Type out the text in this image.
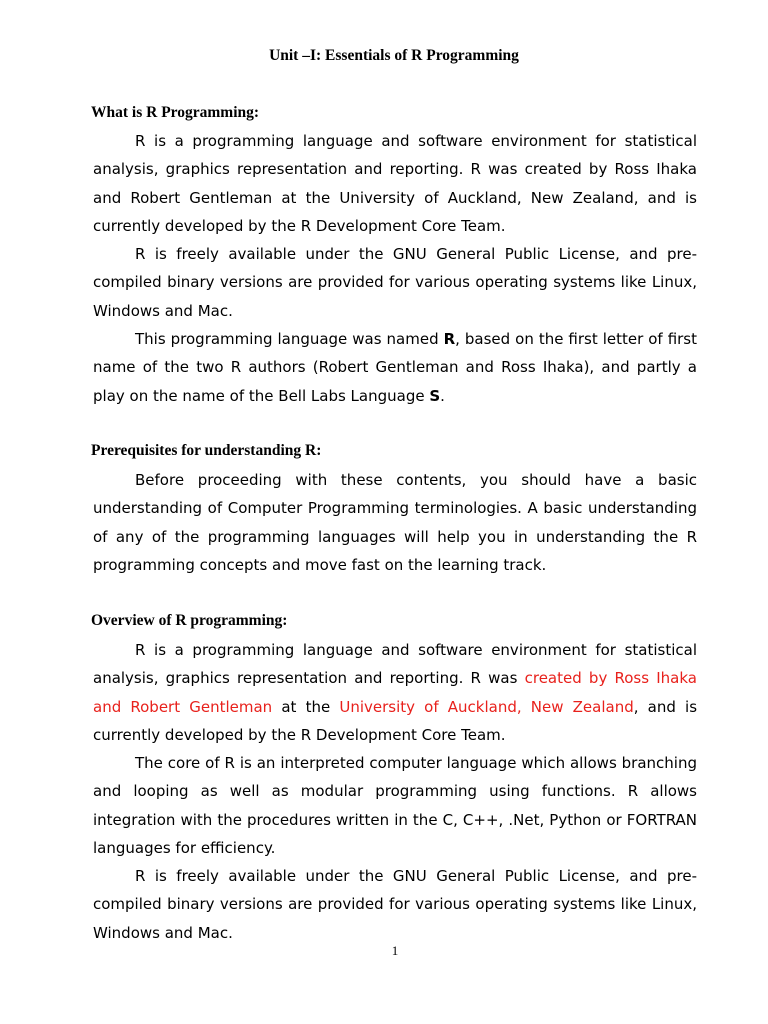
Unit –I: Essentials of R Programming
What is R Programming:

R is a programming language and software environment for statistical analysis, graphics representation and reporting. R was created by Ross Ihaka and Robert Gentleman at the University of Auckland, New Zealand, and is currently developed by the R Development Core Team.

R is freely available under the GNU General Public License, and pre-compiled binary versions are provided for various operating systems like Linux, Windows and Mac.

This programming language was named R, based on the first letter of first name of the two R authors (Robert Gentleman and Ross Ihaka), and partly a play on the name of the Bell Labs Language S.

Prerequisites for understanding R:

Before proceeding with these contents, you should have a basic understanding of Computer Programming terminologies. A basic understanding of any of the programming languages will help you in understanding the R programming concepts and move fast on the learning track.

Overview of R programming:

R is a programming language and software environment for statistical analysis, graphics representation and reporting. R was created by Ross Ihaka and Robert Gentleman at the University of Auckland, New Zealand, and is currently developed by the R Development Core Team.

The core of R is an interpreted computer language which allows branching and looping as well as modular programming using functions. R allows integration with the procedures written in the C, C++, .Net, Python or FORTRAN languages for efficiency.

R is freely available under the GNU General Public License, and pre-compiled binary versions are provided for various operating systems like Linux, Windows and Mac.

1
